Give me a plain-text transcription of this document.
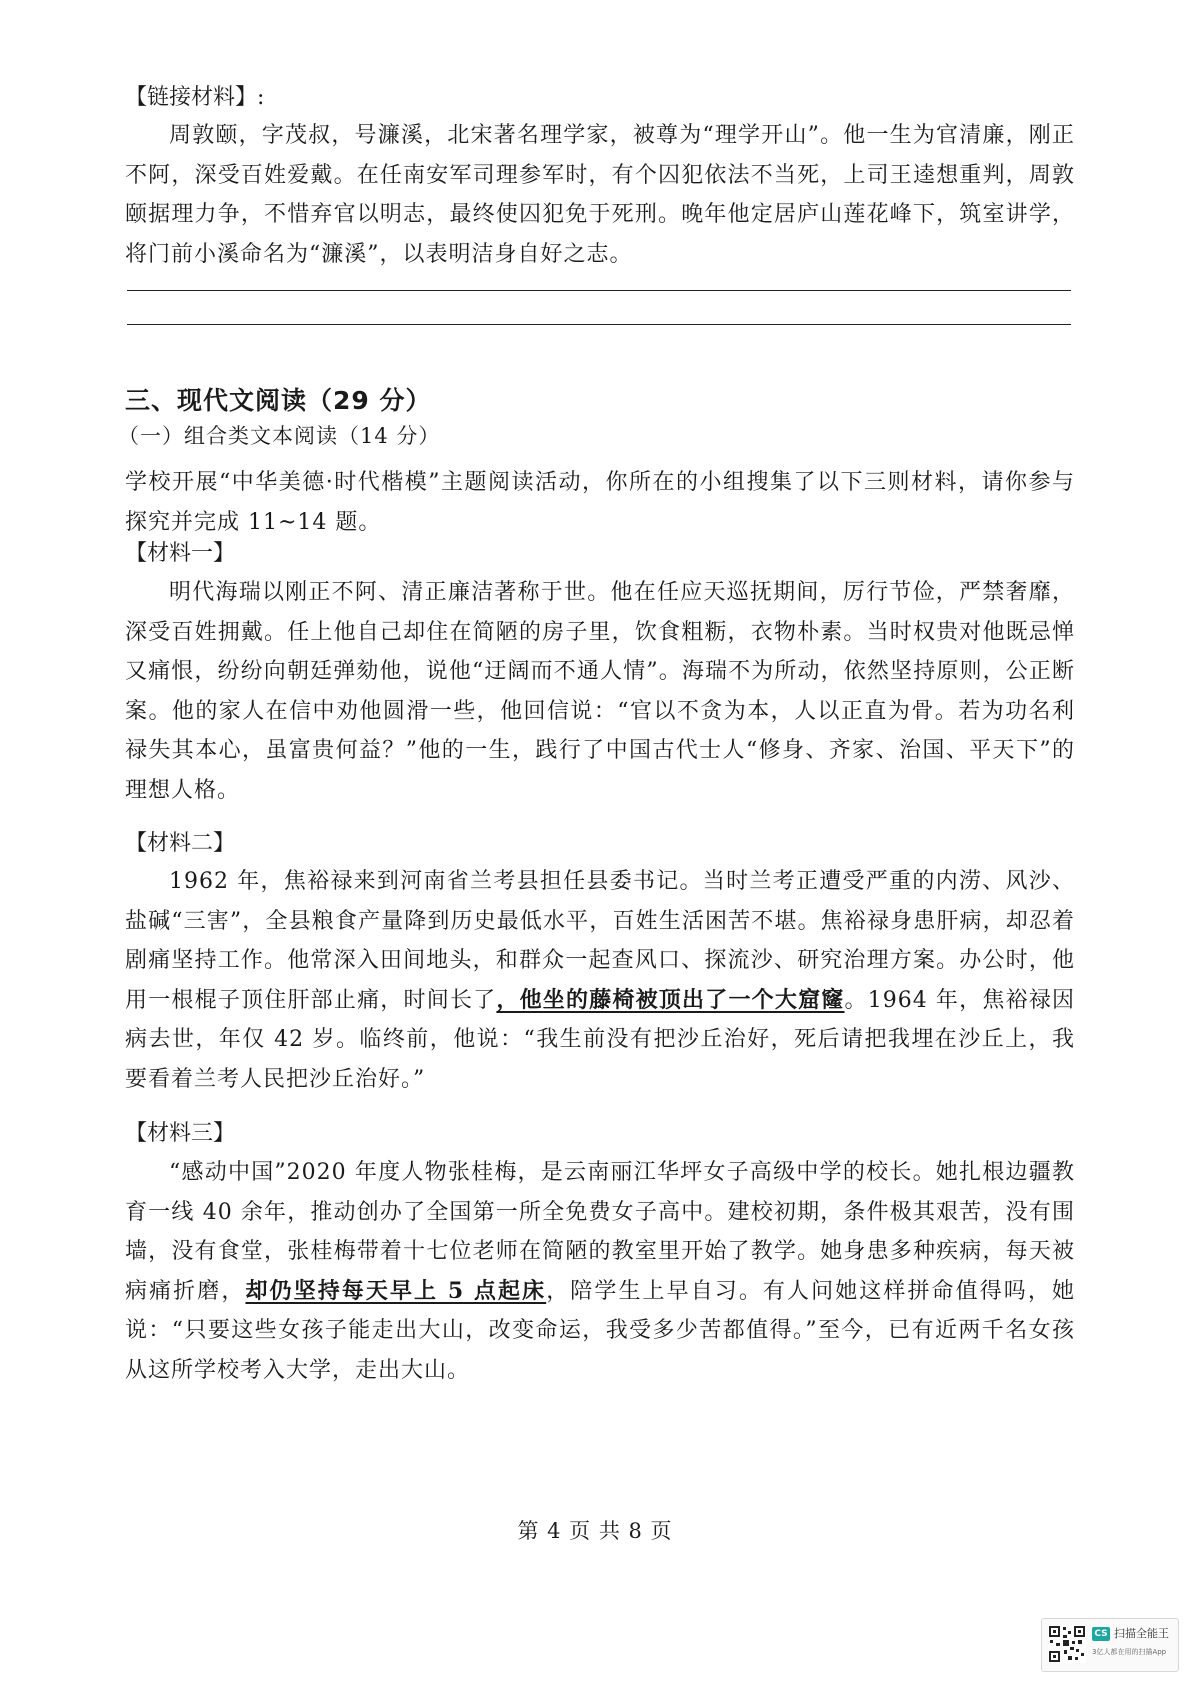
【链接材料】:

周敦颐，字茂叔，号濂溪，北宋著名理学家，被尊为“理学开山”。他一生为官清廉，刚正不阿，深受百姓爱戴。在任南安军司理参军时，有个囚犯依法不当死，上司王逵想重判，周敦颐据理力争，不惜弃官以明志，最终使囚犯免于死刑。晚年他定居庐山莲花峰下，筑室讲学，将门前小溪命名为“濂溪”，以表明洁身自好之志。

三、现代文阅读（29 分）
（一）组合类文本阅读（14 分）

学校开展“中华美德·时代楷模”主题阅读活动，你所在的小组搜集了以下三则材料，请你参与探究并完成 11~14 题。

【材料一】

明代海瑞以刚正不阿、清正廉洁著称于世。他在任应天巡抚期间，厉行节俭，严禁奢靡，深受百姓拥戴。任上他自己却住在简陋的房子里，饮食粗粝，衣物朴素。当时权贵对他既忌惮又痛恨，纷纷向朝廷弹劾他，说他“迂阔而不通人情”。海瑞不为所动，依然坚持原则，公正断案。他的家人在信中劝他圆滑一些，他回信说：“官以不贪为本，人以正直为骨。若为功名利禄失其本心，虽富贵何益？”他的一生，践行了中国古代士人“修身、齐家、治国、平天下”的理想人格。

【材料二】

1962 年，焦裕禄来到河南省兰考县担任县委书记。当时兰考正遭受严重的内涝、风沙、盐碱“三害”，全县粮食产量降到历史最低水平，百姓生活困苦不堪。焦裕禄身患肝病，却忍着剧痛坚持工作。他常深入田间地头，和群众一起查风口、探流沙、研究治理方案。办公时，他用一根棍子顶住肝部止痛，时间长了，他坐的藤椅被顶出了一个大窟窿。1964 年，焦裕禄因病去世，年仅 42 岁。临终前，他说：“我生前没有把沙丘治好，死后请把我埋在沙丘上，我要看着兰考人民把沙丘治好。”

【材料三】

“感动中国”2020 年度人物张桂梅，是云南丽江华坪女子高级中学的校长。她扎根边疆教育一线 40 余年，推动创办了全国第一所全免费女子高中。建校初期，条件极其艰苦，没有围墙，没有食堂，张桂梅带着十七位老师在简陋的教室里开始了教学。她身患多种疾病，每天被病痛折磨，却仍坚持每天早上 5 点起床，陪学生上早自习。有人问她这样拼命值得吗，她说：“只要这些女孩子能走出大山，改变命运，我受多少苦都值得。”至今，已有近两千名女孩从这所学校考入大学，走出大山。

第 4 页 共 8 页
CS 扫描全能王
3亿人都在用的扫描App
